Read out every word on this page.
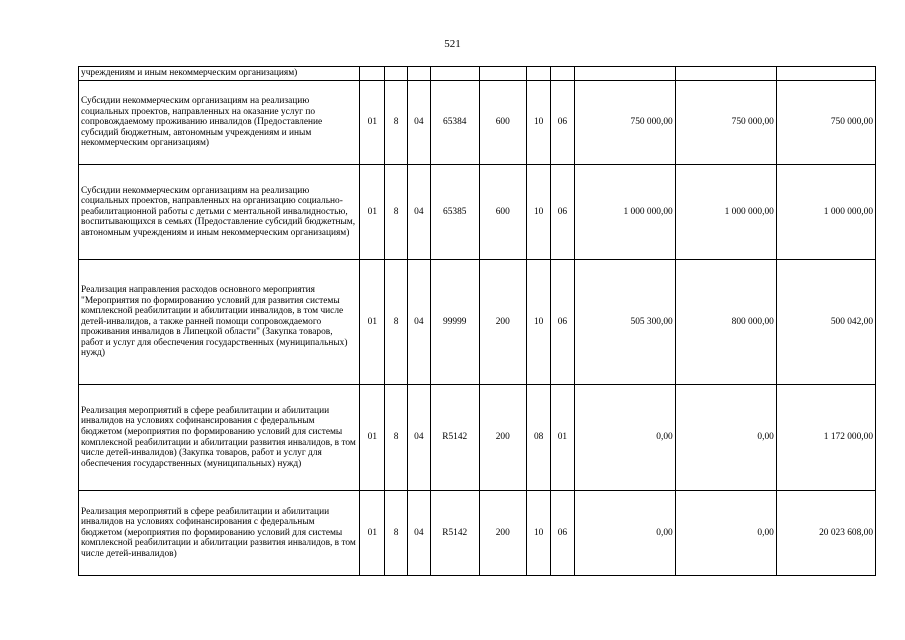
521
учреждениям и иным некоммерческим организациям)										
Субсидии некоммерческим организациям на реализацию социальных проектов, направленных на оказание услуг по сопровождаемому проживанию инвалидов (Предоставление субсидий бюджетным, автономным учреждениям и иным некоммерческим организациям)	01	8	04	65384	600	10	06	750 000,00	750 000,00	750 000,00
Субсидии некоммерческим организациям на реализацию социальных проектов, направленных на организацию социально-реабилитационной работы с детьми с ментальной инвалидностью, воспитывающихся в семьях (Предоставление субсидий бюджетным, автономным учреждениям и иным некоммерческим организациям)	01	8	04	65385	600	10	06	1 000 000,00	1 000 000,00	1 000 000,00
Реализация направления расходов основного мероприятия "Мероприятия по формированию условий для развития системы комплексной реабилитации и абилитации инвалидов, в том числе детей-инвалидов, а также ранней помощи сопровождаемого проживания инвалидов в Липецкой области" (Закупка товаров, работ и услуг для обеспечения государственных (муниципальных) нужд)	01	8	04	99999	200	10	06	505 300,00	800 000,00	500 042,00
Реализация мероприятий в сфере реабилитации и абилитации инвалидов на условиях софинансирования с федеральным бюджетом (мероприятия по формированию условий для системы комплексной реабилитации и абилитации развития инвалидов, в том числе детей-инвалидов) (Закупка товаров, работ и услуг для обеспечения государственных (муниципальных) нужд)	01	8	04	R5142	200	08	01	0,00	0,00	1 172 000,00
Реализация мероприятий в сфере реабилитации и абилитации инвалидов на условиях софинансирования с федеральным бюджетом (мероприятия по формированию условий для системы комплексной реабилитации и абилитации развития инвалидов, в том числе детей-инвалидов)	01	8	04	R5142	200	10	06	0,00	0,00	20 023 608,00
